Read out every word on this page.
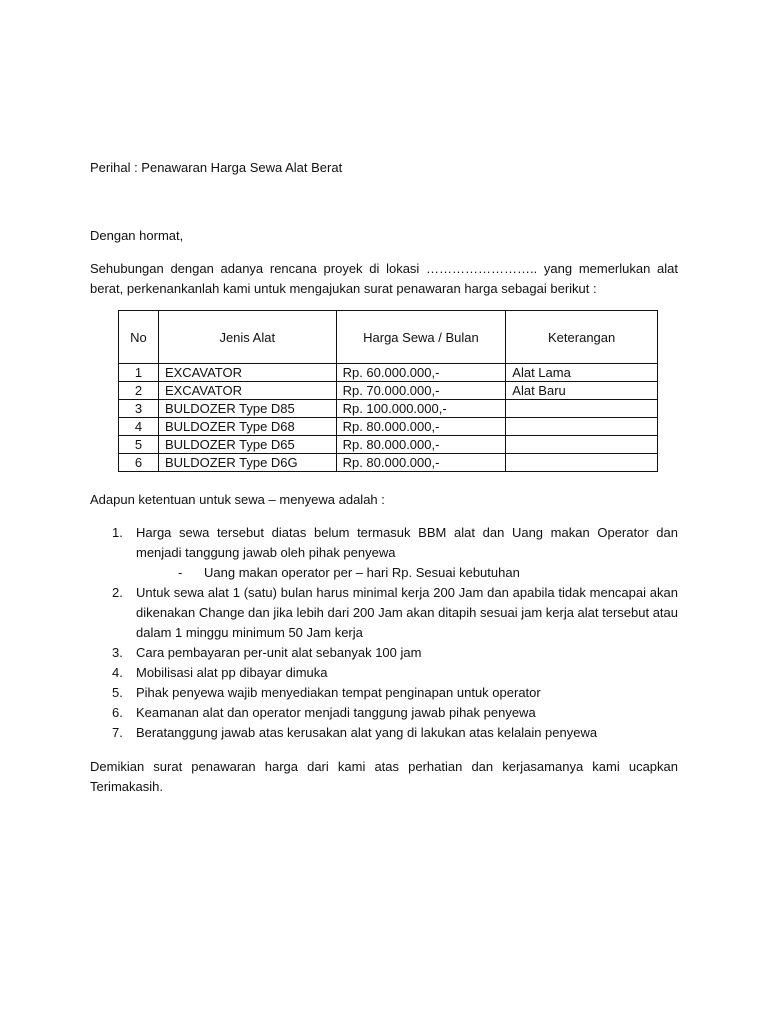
Perihal : Penawaran Harga Sewa Alat Berat

Dengan hormat,

Sehubungan dengan adanya rencana proyek di lokasi …………………….. yang memerlukan alat berat, perkenankanlah kami untuk mengajukan surat penawaran harga sebagai berikut :

No	Jenis Alat	Harga Sewa / Bulan	Keterangan
1	EXCAVATOR	Rp. 60.000.000,-	Alat Lama
2	EXCAVATOR	Rp. 70.000.000,-	Alat Baru
3	BULDOZER Type D85	Rp. 100.000.000,-	
4	BULDOZER Type D68	Rp. 80.000.000,-	
5	BULDOZER Type D65	Rp. 80.000.000,-	
6	BULDOZER Type D6G	Rp. 80.000.000,-	

Adapun ketentuan untuk sewa – menyewa adalah :

1. Harga sewa tersebut diatas belum termasuk BBM alat dan Uang makan Operator dan menjadi tanggung jawab oleh pihak penyewa
- Uang makan operator per – hari Rp. Sesuai kebutuhan
2. Untuk sewa alat 1 (satu) bulan harus minimal kerja 200 Jam dan apabila tidak mencapai akan dikenakan Change dan jika lebih dari 200 Jam akan ditapih sesuai jam kerja alat tersebut atau dalam 1 minggu minimum 50 Jam kerja
3. Cara pembayaran per-unit alat sebanyak 100 jam
4. Mobilisasi alat pp dibayar dimuka
5. Pihak penyewa wajib menyediakan tempat penginapan untuk operator
6. Keamanan alat dan operator menjadi tanggung jawab pihak penyewa
7. Beratanggung jawab atas kerusakan alat yang di lakukan atas kelalain penyewa

Demikian surat penawaran harga dari kami atas perhatian dan kerjasamanya kami ucapkan Terimakasih.
